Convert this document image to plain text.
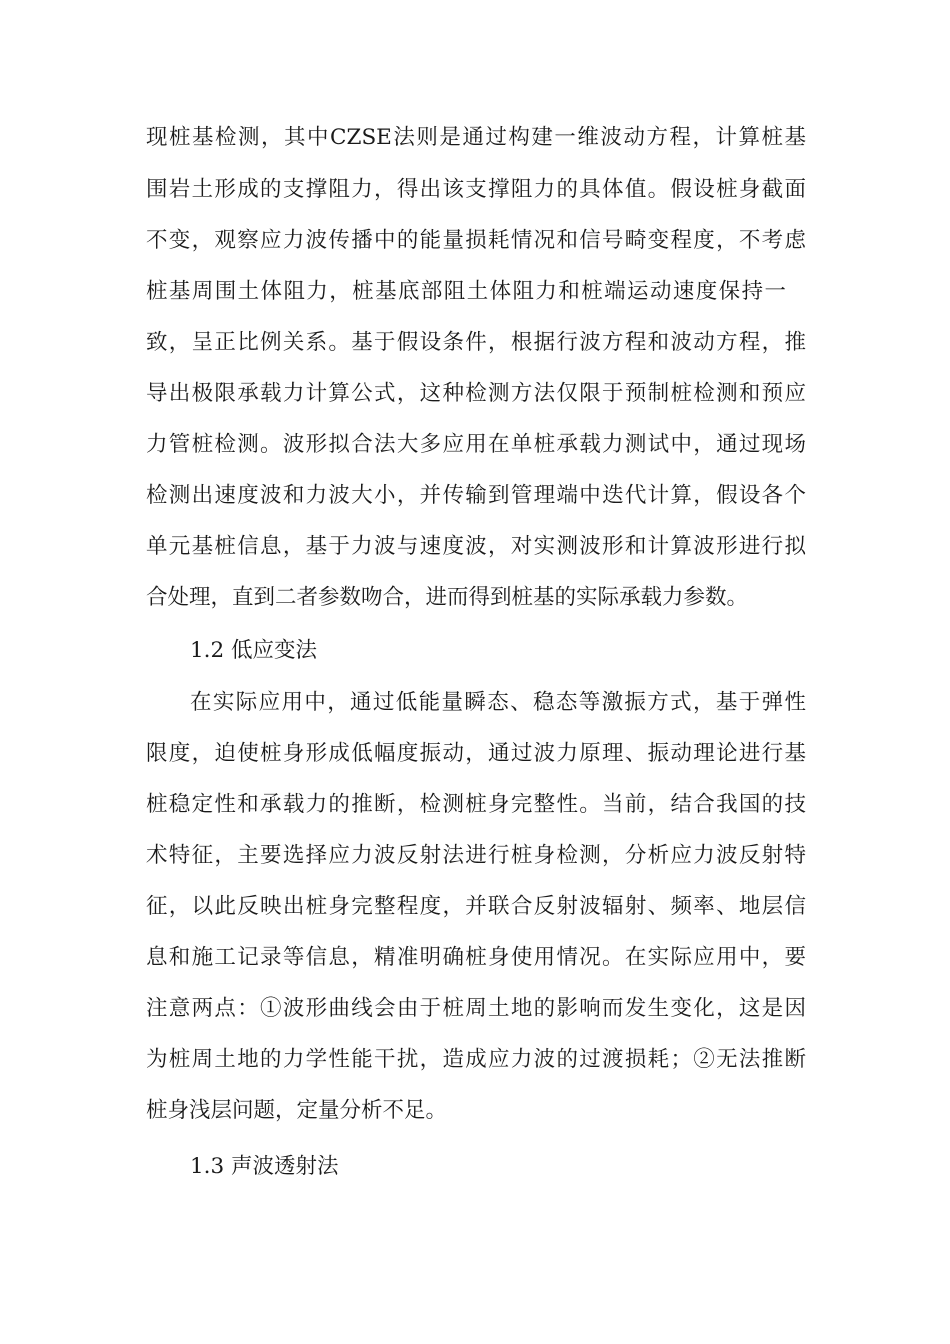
现桩基检测，其中CZSE法则是通过构建一维波动方程，计算桩基
围岩土形成的支撑阻力，得出该支撑阻力的具体值。假设桩身截面
不变，观察应力波传播中的能量损耗情况和信号畸变程度，不考虑
桩基周围土体阻力，桩基底部阻土体阻力和桩端运动速度保持一
致，呈正比例关系。基于假设条件，根据行波方程和波动方程，推
导出极限承载力计算公式，这种检测方法仅限于预制桩检测和预应
力管桩检测。波形拟合法大多应用在单桩承载力测试中，通过现场
检测出速度波和力波大小，并传输到管理端中迭代计算，假设各个
单元基桩信息，基于力波与速度波，对实测波形和计算波形进行拟
合处理，直到二者参数吻合，进而得到桩基的实际承载力参数。
1.2 低应变法
在实际应用中，通过低能量瞬态、稳态等激振方式，基于弹性
限度，迫使桩身形成低幅度振动，通过波力原理、振动理论进行基
桩稳定性和承载力的推断，检测桩身完整性。当前，结合我国的技
术特征，主要选择应力波反射法进行桩身检测，分析应力波反射特
征，以此反映出桩身完整程度，并联合反射波辐射、频率、地层信
息和施工记录等信息，精准明确桩身使用情况。在实际应用中，要
注意两点：①波形曲线会由于桩周土地的影响而发生变化，这是因
为桩周土地的力学性能干扰，造成应力波的过渡损耗；②无法推断
桩身浅层问题，定量分析不足。
1.3 声波透射法
